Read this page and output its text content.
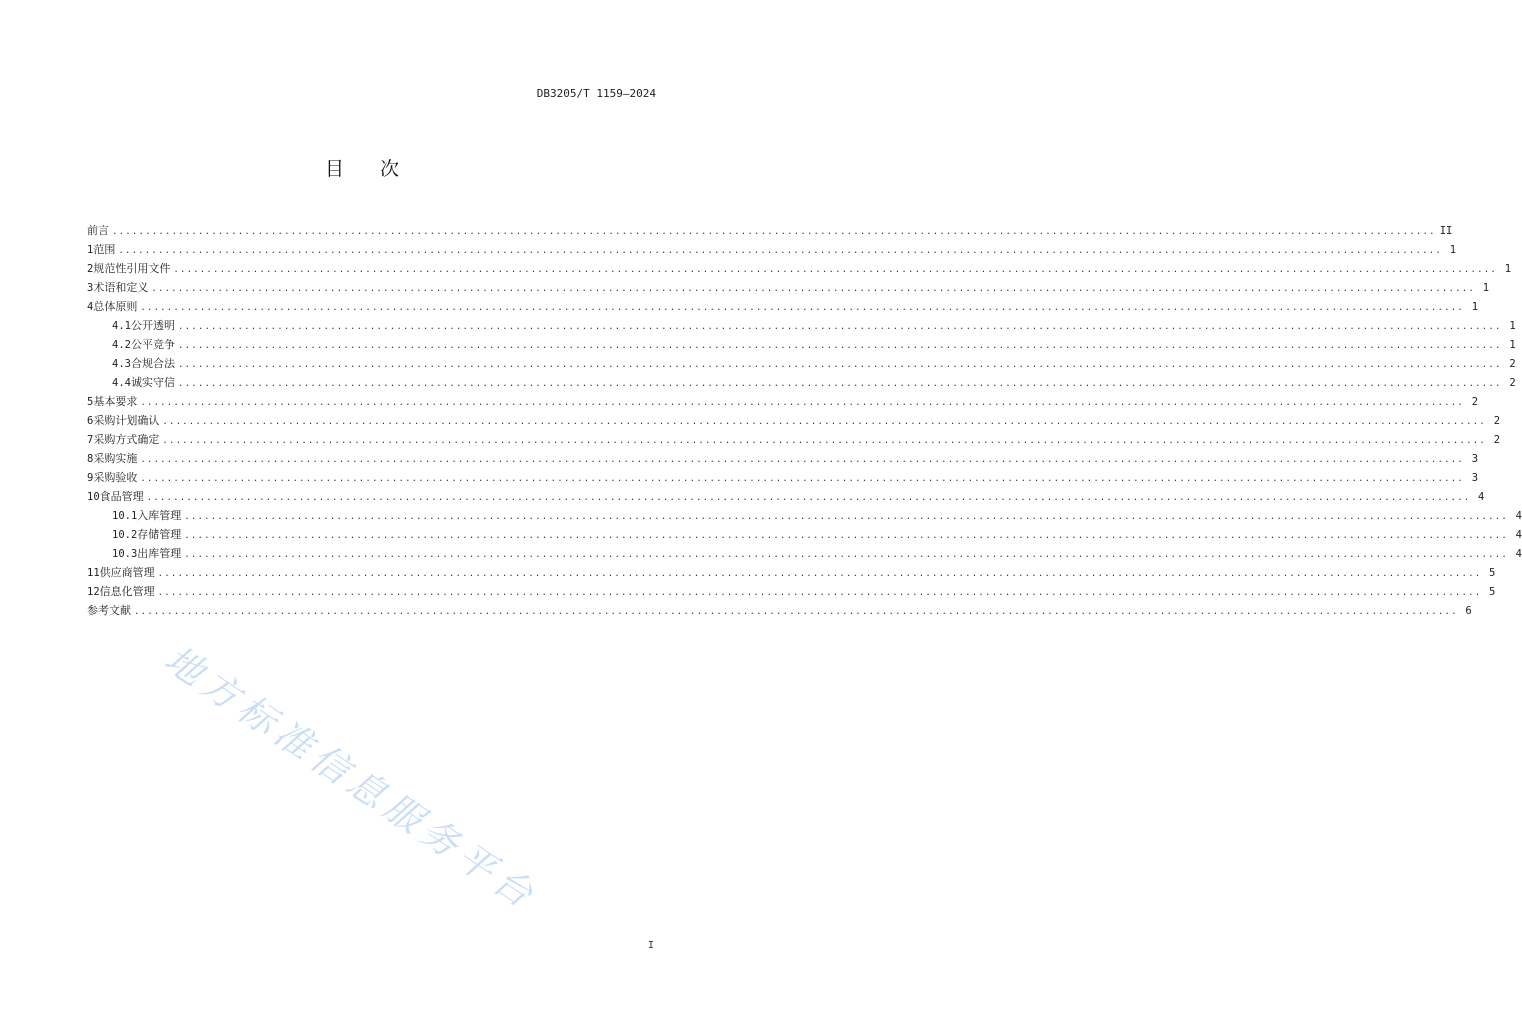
DB3205/T 1159—2024
目 次
前言 ........................................................................................................................................................................................................ II
1 范围 ........................................................................................................................................................................................................ 1
2 规范性引用文件 ........................................................................................................................................................................................................ 1
3 术语和定义 ........................................................................................................................................................................................................ 1
4 总体原则 ........................................................................................................................................................................................................ 1
4.1 公开透明 ........................................................................................................................................................................................................ 1
4.2 公平竞争 ........................................................................................................................................................................................................ 1
4.3 合规合法 ........................................................................................................................................................................................................ 2
4.4 诚实守信 ........................................................................................................................................................................................................ 2
5 基本要求 ........................................................................................................................................................................................................ 2
6 采购计划确认 ........................................................................................................................................................................................................ 2
7 采购方式确定 ........................................................................................................................................................................................................ 2
8 采购实施 ........................................................................................................................................................................................................ 3
9 采购验收 ........................................................................................................................................................................................................ 3
10 食品管理 ........................................................................................................................................................................................................ 4
10.1 入库管理 ........................................................................................................................................................................................................ 4
10.2 存储管理 ........................................................................................................................................................................................................ 4
10.3 出库管理 ........................................................................................................................................................................................................ 4
11 供应商管理 ........................................................................................................................................................................................................ 5
12 信息化管理 ........................................................................................................................................................................................................ 5
参考文献 ........................................................................................................................................................................................................ 6
地方标准信息服务平台
I
